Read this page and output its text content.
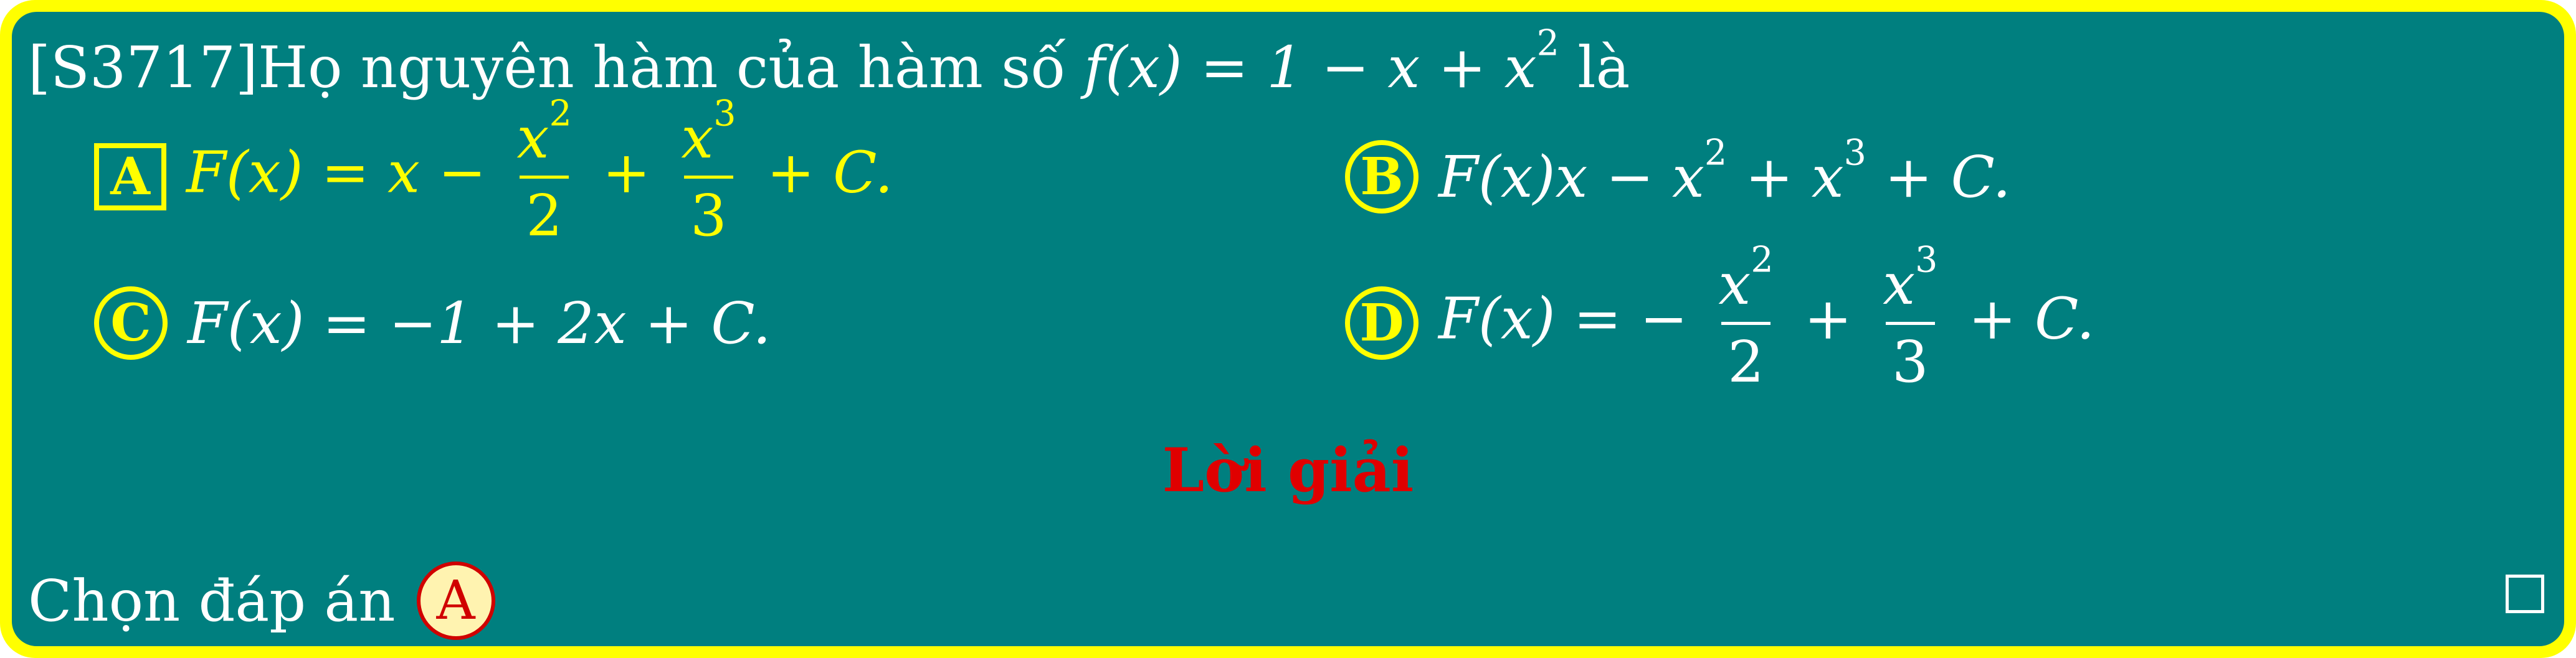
[S3717]Họ nguyên hàm của hàm số $f(x) = 1 - x + x^2$ là
A $F(x) = x - \frac{x^2}{2} + \frac{x^3}{3} + C$.	B $F(x)x - x^2 + x^3 + C$.
C F(x) = −1 + 2x + C.	D F(x) = − $\frac{x^2}{2} + \frac{x^3}{3} + C$.
Lời giải
Chọn đáp án A
